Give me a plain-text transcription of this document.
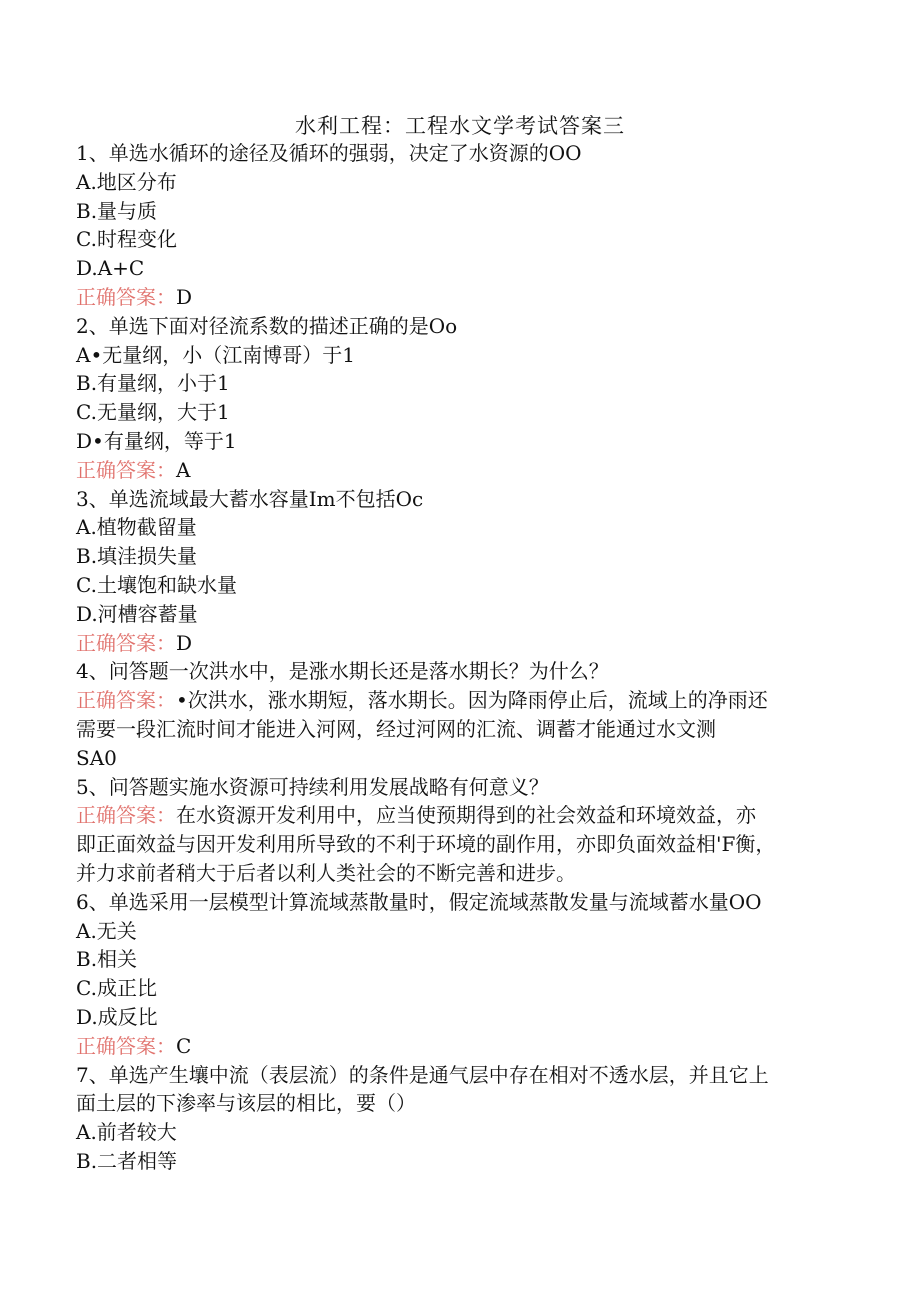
水利工程：工程水文学考试答案三
1、单选水循环的途径及循环的强弱，决定了水资源的OO
A.地区分布
B.量与质
C.时程变化
D.A+C
正确答案：D
2、单选下面对径流系数的描述正确的是Oo
A•无量纲，小（江南博哥）于1
B.有量纲，小于1
C.无量纲，大于1
D•有量纲，等于1
正确答案：A
3、单选流域最大蓄水容量Im不包括Oc
A.植物截留量
B.填洼损失量
C.土壤饱和缺水量
D.河槽容蓄量
正确答案：D
4、问答题一次洪水中，是涨水期长还是落水期长？为什么？
正确答案：•次洪水，涨水期短，落水期长。因为降雨停止后，流域上的净雨还
需要一段汇流时间才能进入河网，经过河网的汇流、调蓄才能通过水文测
SA0
5、问答题实施水资源可持续利用发展战略有何意义？
正确答案：在水资源开发利用中，应当使预期得到的社会效益和环境效益，亦
即正面效益与因开发利用所导致的不利于环境的副作用，亦即负面效益相'F衡，
并力求前者稍大于后者以利人类社会的不断完善和进步。
6、单选采用一层模型计算流域蒸散量时，假定流域蒸散发量与流域蓄水量OO
A.无关
B.相关
C.成正比
D.成反比
正确答案：C
7、单选产生壤中流（表层流）的条件是通气层中存在相对不透水层，并且它上
面土层的下渗率与该层的相比，要（）
A.前者较大
B.二者相等
